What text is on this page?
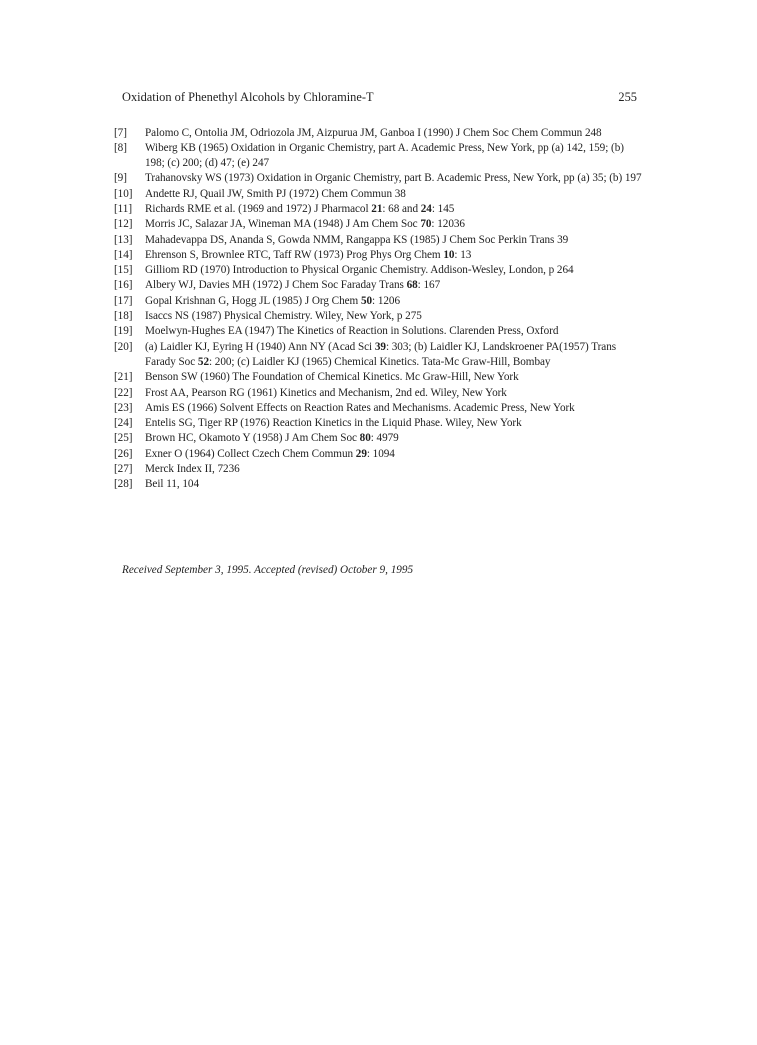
Oxidation of Phenethyl Alcohols by Chloramine-T	255
[7]	Palomo C, Ontolia JM, Odriozola JM, Aizpurua JM, Ganboa I (1990) J Chem Soc Chem Commun 248
[8]	Wiberg KB (1965) Oxidation in Organic Chemistry, part A. Academic Press, New York, pp (a) 142, 159; (b) 198; (c) 200; (d) 47; (e) 247
[9]	Trahanovsky WS (1973) Oxidation in Organic Chemistry, part B. Academic Press, New York, pp (a) 35; (b) 197
[10]	Andette RJ, Quail JW, Smith PJ (1972) Chem Commun 38
[11]	Richards RME et al. (1969 and 1972) J Pharmacol 21: 68 and 24: 145
[12]	Morris JC, Salazar JA, Wineman MA (1948) J Am Chem Soc 70: 12036
[13]	Mahadevappa DS, Ananda S, Gowda NMM, Rangappa KS (1985) J Chem Soc Perkin Trans 39
[14]	Ehrenson S, Brownlee RTC, Taff RW (1973) Prog Phys Org Chem 10: 13
[15]	Gilliom RD (1970) Introduction to Physical Organic Chemistry. Addison-Wesley, London, p 264
[16]	Albery WJ, Davies MH (1972) J Chem Soc Faraday Trans 68: 167
[17]	Gopal Krishnan G, Hogg JL (1985) J Org Chem 50: 1206
[18]	Isaccs NS (1987) Physical Chemistry. Wiley, New York, p 275
[19]	Moelwyn-Hughes EA (1947) The Kinetics of Reaction in Solutions. Clarenden Press, Oxford
[20]	(a) Laidler KJ, Eyring H (1940) Ann NY (Acad Sci 39: 303; (b) Laidler KJ, Landskroener PA(1957) Trans Farady Soc 52: 200; (c) Laidler KJ (1965) Chemical Kinetics. Tata-Mc Graw-Hill, Bombay
[21]	Benson SW (1960) The Foundation of Chemical Kinetics. Mc Graw-Hill, New York
[22]	Frost AA, Pearson RG (1961) Kinetics and Mechanism, 2nd ed. Wiley, New York
[23]	Amis ES (1966) Solvent Effects on Reaction Rates and Mechanisms. Academic Press, New York
[24]	Entelis SG, Tiger RP (1976) Reaction Kinetics in the Liquid Phase. Wiley, New York
[25]	Brown HC, Okamoto Y (1958) J Am Chem Soc 80: 4979
[26]	Exner O (1964) Collect Czech Chem Commun 29: 1094
[27]	Merck Index II, 7236
[28]	Beil 11, 104
Received September 3, 1995. Accepted (revised) October 9, 1995
